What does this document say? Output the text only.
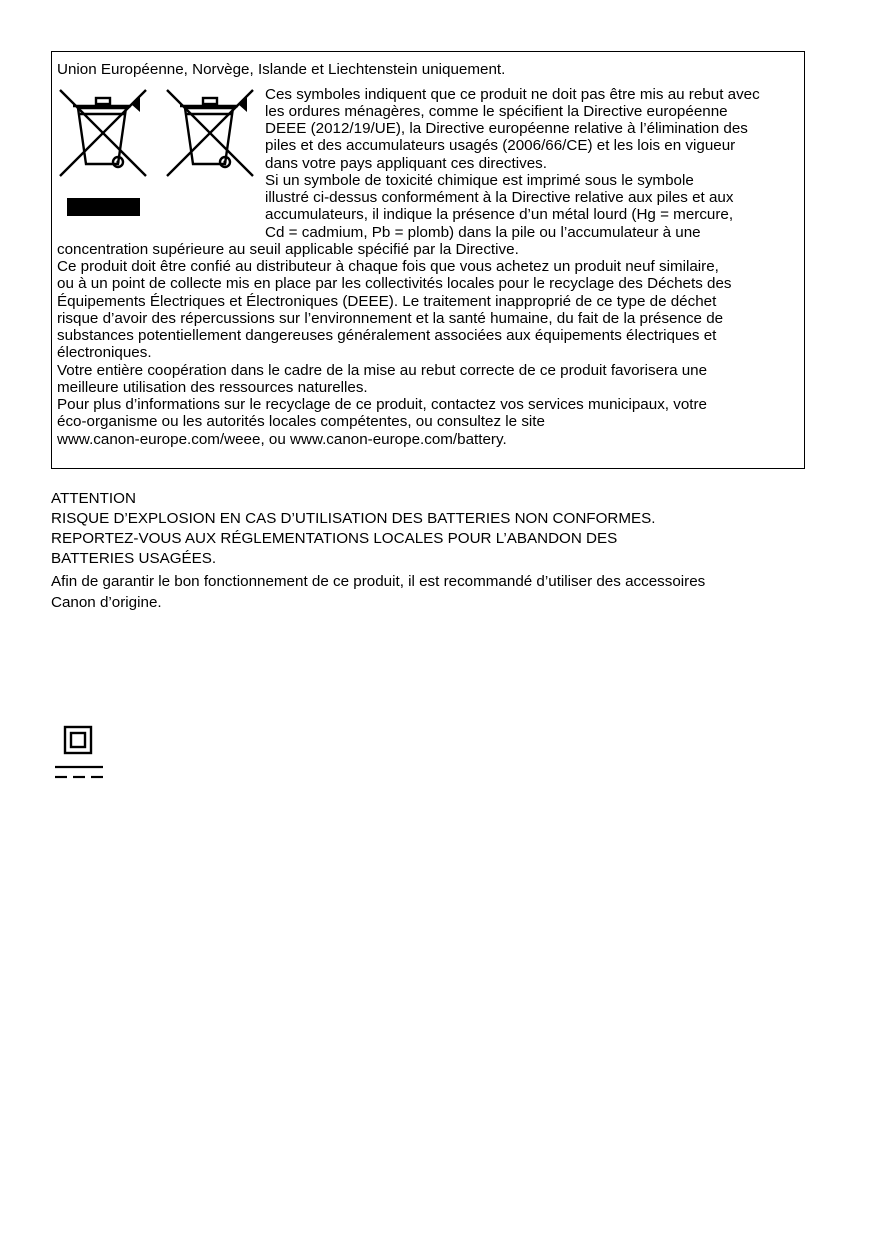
Union Européenne, Norvège, Islande et Liechtenstein uniquement.
Ces symboles indiquent que ce produit ne doit pas être mis au rebut avec
les ordures ménagères, comme le spécifient la Directive européenne
DEEE (2012/19/UE), la Directive européenne relative à l’élimination des
piles et des accumulateurs usagés (2006/66/CE) et les lois en vigueur
dans votre pays appliquant ces directives.
Si un symbole de toxicité chimique est imprimé sous le symbole
illustré ci-dessus conformément à la Directive relative aux piles et aux
accumulateurs, il indique la présence d’un métal lourd (Hg = mercure,
Cd = cadmium, Pb = plomb) dans la pile ou l’accumulateur à une
concentration supérieure au seuil applicable spécifié par la Directive.
Ce produit doit être confié au distributeur à chaque fois que vous achetez un produit neuf similaire,
ou à un point de collecte mis en place par les collectivités locales pour le recyclage des Déchets des
Équipements Électriques et Électroniques (DEEE). Le traitement inapproprié de ce type de déchet
risque d’avoir des répercussions sur l’environnement et la santé humaine, du fait de la présence de
substances potentiellement dangereuses généralement associées aux équipements électriques et
électroniques.
Votre entière coopération dans le cadre de la mise au rebut correcte de ce produit favorisera une
meilleure utilisation des ressources naturelles.
Pour plus d’informations sur le recyclage de ce produit, contactez vos services municipaux, votre
éco-organisme ou les autorités locales compétentes, ou consultez le site
www.canon-europe.com/weee, ou www.canon-europe.com/battery.
ATTENTION
RISQUE D’EXPLOSION EN CAS D’UTILISATION DES BATTERIES NON CONFORMES.
REPORTEZ-VOUS AUX RÉGLEMENTATIONS LOCALES POUR L’ABANDON DES
BATTERIES USAGÉES.
Afin de garantir le bon fonctionnement de ce produit, il est recommandé d’utiliser des accessoires
Canon d’origine.
